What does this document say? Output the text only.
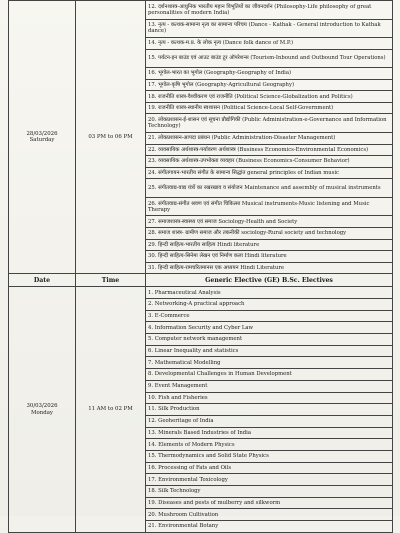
28/03/2026
Saturday	03 PM to 06 PM	12. दर्शनशास्त्र-आधुनिक भारतीय महान विभूतियों का जीवनदर्शन (Philosophy-Life philosophy of great personalities of modern India)
		13. नृत्य - कत्थक-सामान्य नृत्य का सामान्य परिचय (Dance - Kathak - General introduction to Kathak dance)
		14. नृत्य - कत्थक-म.प्र. के लोक नृत्य (Dance folk dance of M.P.)
		15. पर्यटन-इन बाउंड एवं आउट बाउंड टूर ऑपरेशन्स (Tourism-Inbound and Outbound Tour Operations)
		16. भूगोल-भारत का भूगोल (Geography-Geography of India)
		17. भूगोल-कृषि भूगोल (Geography-Agricultural Geography)
		18. राजनीति शास्त्र-वैश्वीकरण एवं राजनीति (Political Science-Globalization and Politics)
		19. राजनीति शास्त्र-स्थानीय स्वशासन (Political Science-Local Self-Government)
		20. लोकप्रशासन-ई-शासन एवं सूचना प्रौद्योगिकी (Public Administration-e-Governance and Information Technology)
		21. लोकप्रशासन-आपदा प्रबंधन (Public Administration-Disaster Management)
		22. व्यवसायिक अर्थशास्त्र-पर्यावरण अर्थशास्त्र (Business Economics-Environmental Economics)
		23. व्यवसायिक अर्थशास्त्र-उपभोक्ता व्यवहार (Business Economics-Consumer Behavior)
		24. संगीतगायन-भारतीय संगीत के सामान्य सिद्धांत general principles of Indian music
		25. संगीतवाद्य-वाद्य यंत्रों का रखरखाव व संयोजन Maintenance and assembly of musical instruments
		26. संगीतवाद्य-संगीत श्रवण एवं संगीत चिकित्सा Musical instruments-Music listening and Music Therapy
		27. समाजशास्त्र-स्वास्थ्य एवं समाज Sociology-Health and Society
		28. समाज शास्त्र- ग्रामीण समाज और तकनीकी sociology-Rural society and technology
		29. हिन्दी साहित्य-भारतीय साहित्य Hindi literature
		30. हिन्दी साहित्य-सिनेमा लेखन एवं निर्माण कला Hindi literature
		31. हिन्दी साहित्य-रामचरितमानस एक अध्ययन Hindi Literature
Date	Time	Generic Elective (GE) B.Sc. Electives

30/03/2026
Monday	11 AM to 02 PM	1. Pharmaceutical Analysis
		2. Networking-A practical approach
		3. E-Commerce
		4. Information Security and Cyber Law
		5. Computer network management
		6. Linear Inequality and statistics
		7. Mathematical Modelling
		8. Developmental Challenges in Human Development
		9. Event Management
		10. Fish and Fisheries
		11. Silk Production
		12. Geoheritage of India
		13. Minerals Based Industries of India
		14. Elements of Modern Physics
		15. Thermodynamics and Solid State Physics
		16. Processing of Fats and Oils
		17. Environmental Toxicology
		18. Silk Technology
		19. Diseases and pests of mulberry and silkworm
		20. Mushroom Cultivation
		21. Environmental Botany
